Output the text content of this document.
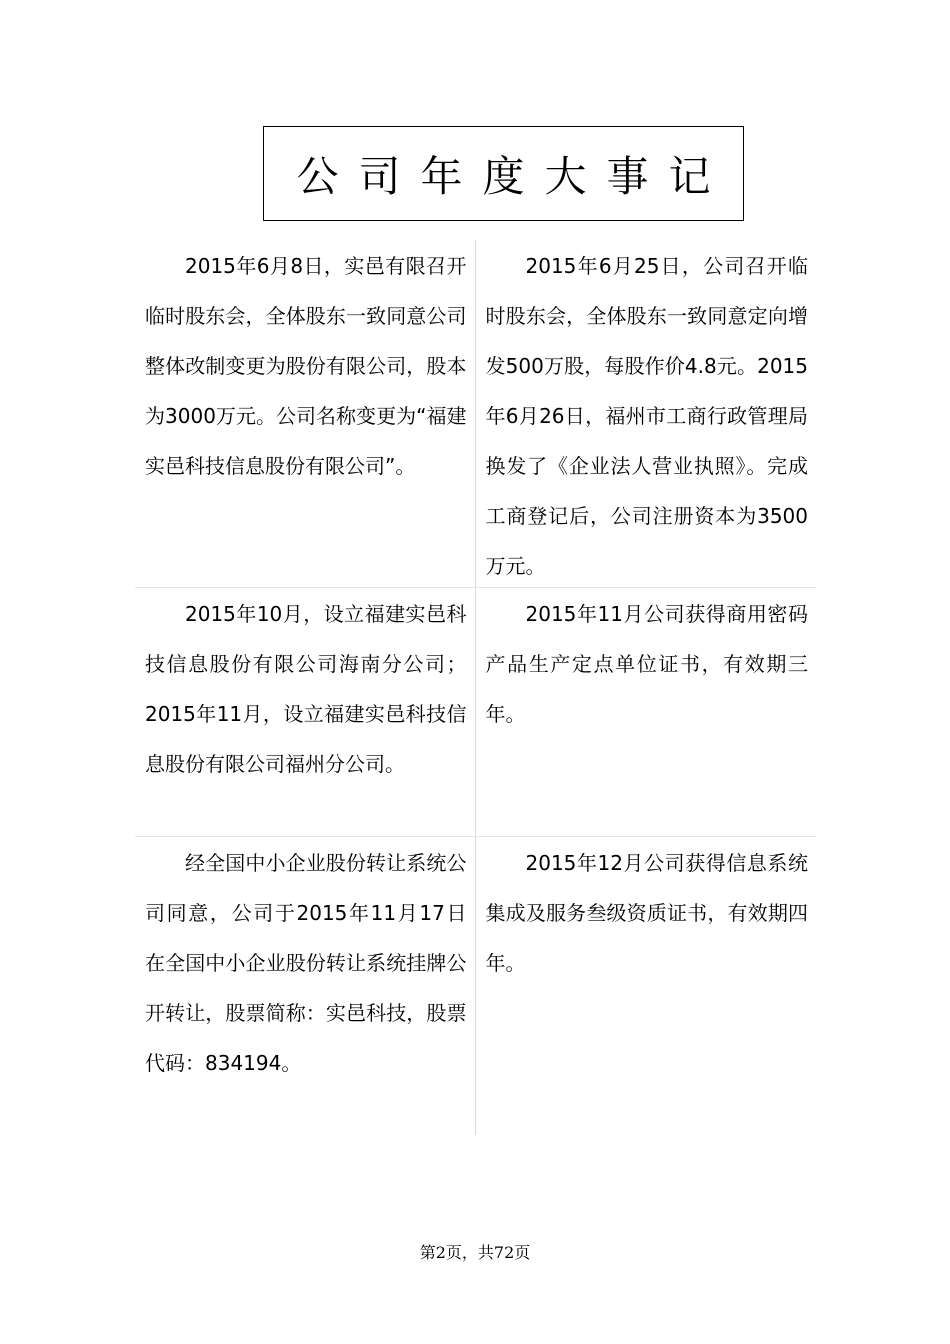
公司年度大事记

2015年6月8日，实邑有限召开临时股东会，全体股东一致同意公司整体改制变更为股份有限公司，股本为3000万元。公司名称变更为“福建实邑科技信息股份有限公司”。

2015年6月25日，公司召开临时股东会，全体股东一致同意定向增发500万股，每股作价4.8元。2015年6月26日，福州市工商行政管理局换发了《企业法人营业执照》。完成工商登记后，公司注册资本为3500万元。

2015年10月，设立福建实邑科技信息股份有限公司海南分公司；2015年11月，设立福建实邑科技信息股份有限公司福州分公司。

2015年11月公司获得商用密码产品生产定点单位证书，有效期三年。

经全国中小企业股份转让系统公司同意，公司于2015年11月17日在全国中小企业股份转让系统挂牌公开转让，股票简称：实邑科技，股票代码：834194。

2015年12月公司获得信息系统集成及服务叁级资质证书，有效期四年。

第2页，共72页
